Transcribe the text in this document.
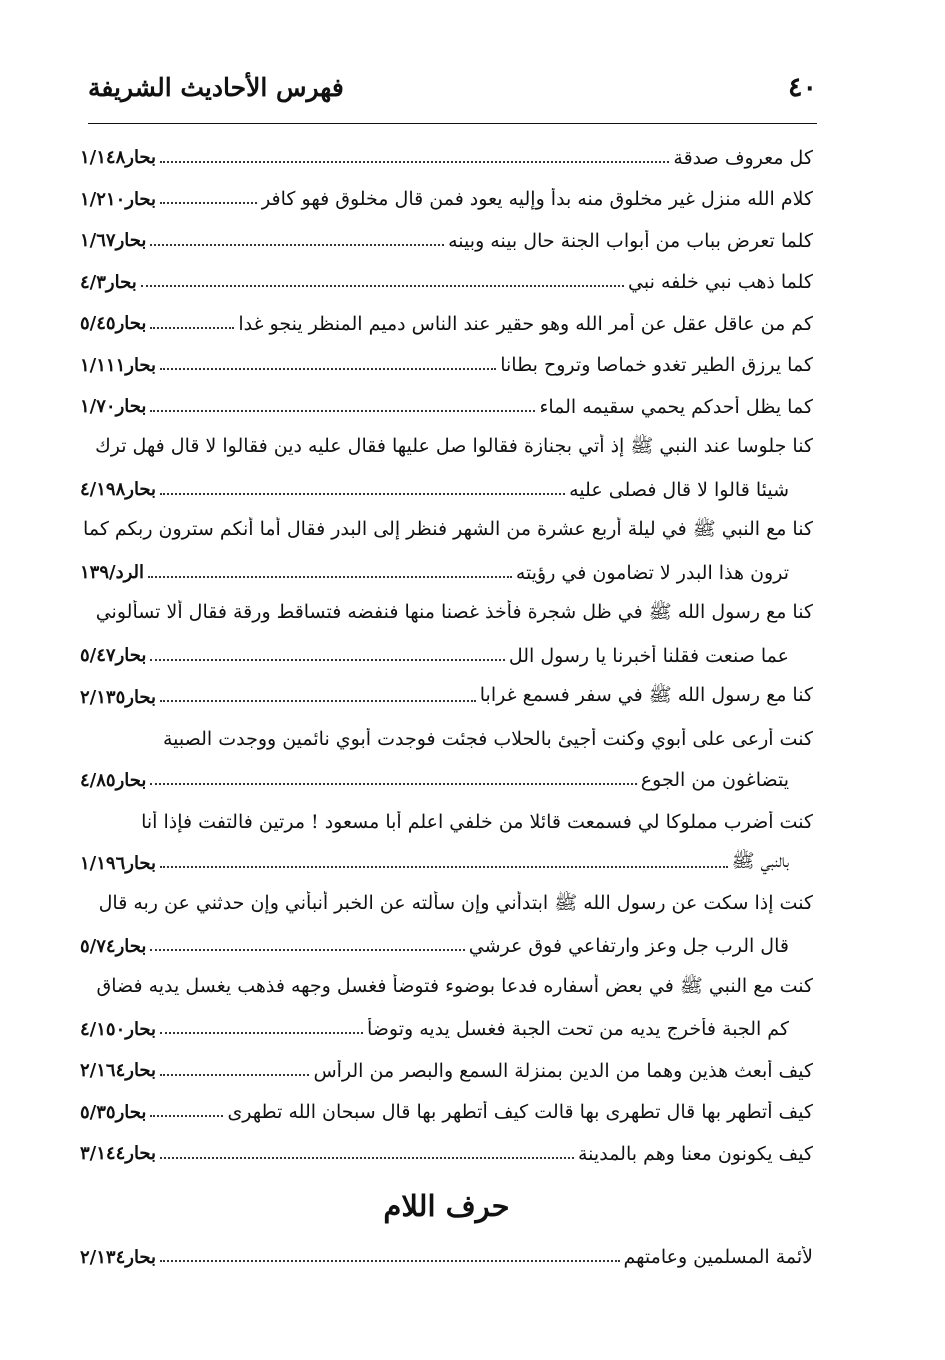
٤٠
فهرس الأحاديث الشريفة
كل معروف صدقة
بحار١/١٤٨
كلام الله منزل غير مخلوق منه بدأ وإليه يعود فمن قال مخلوق فهو كافر
بحار١/٢١٠
كلما تعرض بباب من أبواب الجنة حال بينه وبينه
بحار١/٦٧
كلما ذهب نبي خلفه نبي
بحار٤/٣
كم من عاقل عقل عن أمر الله وهو حقير عند الناس دميم المنظر ينجو غدا
بحار٥/٤٥
كما يرزق الطير تغدو خماصا وتروح بطانا
بحار١/١١١
كما يظل أحدكم يحمي سقيمه الماء
بحار١/٧٠
كنا جلوسا عند النبي ﷺ إذ أتي بجنازة فقالوا صل عليها فقال عليه دين فقالوا لا قال فهل ترك
شيئا قالوا لا قال فصلى عليه
بحار٤/١٩٨
كنا مع النبي ﷺ في ليلة أربع عشرة من الشهر فنظر إلى البدر فقال أما أنكم سترون ربكم كما
ترون هذا البدر لا تضامون في رؤيته
الرد/١٣٩
كنا مع رسول الله ﷺ في ظل شجرة فأخذ غصنا منها فنفضه فتساقط ورقة فقال ألا تسألوني
عما صنعت فقلنا أخبرنا يا رسول الل
بحار٥/٤٧
كنا مع رسول الله ﷺ في سفر فسمع غرابا
بحار٢/١٣٥
كنت أرعى على أبوي وكنت أجيئ بالحلاب فجئت فوجدت أبوي نائمين ووجدت الصبية
يتضاغون من الجوع
بحار٤/٨٥
كنت أضرب مملوكا لي فسمعت قائلا من خلفي اعلم أبا مسعود ! مرتين فالتفت فإذا أنا
بالنبي ﷺ
بحار١/١٩٦
كنت إذا سكت عن رسول الله ﷺ ابتدأني وإن سألته عن الخبر أنبأني وإن حدثني عن ربه قال
قال الرب جل وعز وارتفاعي فوق عرشي
بحار٥/٧٤
كنت مع النبي ﷺ في بعض أسفاره فدعا بوضوء فتوضأ فغسل وجهه فذهب يغسل يديه فضاق
كم الجبة فأخرج يديه من تحت الجبة فغسل يديه وتوضأ
بحار٤/١٥٠
كيف أبعث هذين وهما من الدين بمنزلة السمع والبصر من الرأس
بحار٢/١٦٤
كيف أتطهر بها قال تطهرى بها قالت كيف أتطهر بها قال سبحان الله تطهرى
بحار٥/٣٥
كيف يكونون معنا وهم بالمدينة
بحار٣/١٤٤
حرف اللام
لأئمة المسلمين وعامتهم
بحار٢/١٣٤
